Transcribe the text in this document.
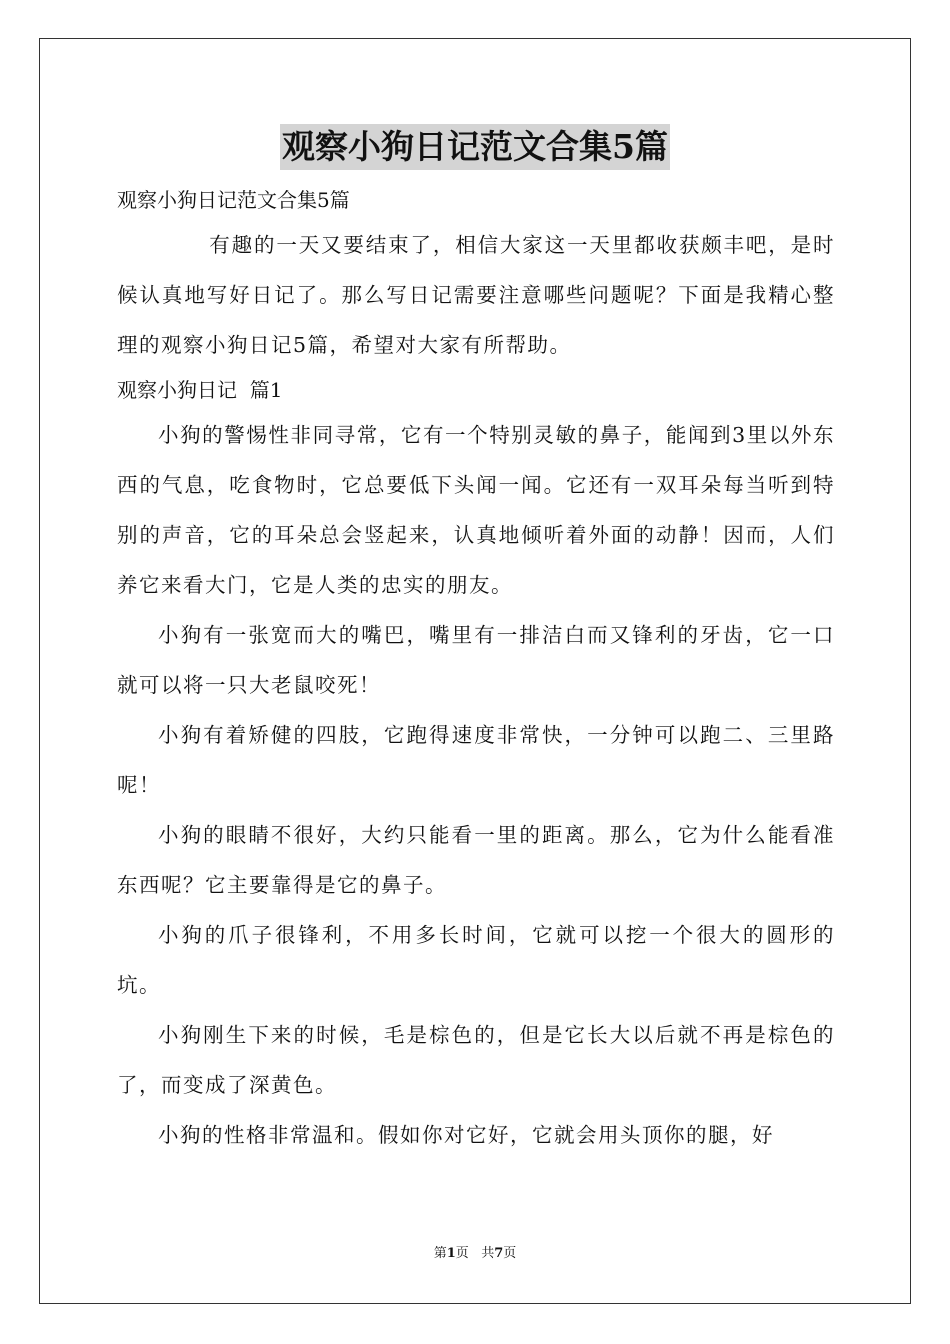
观察小狗日记范文合集5篇

观察小狗日记范文合集5篇

有趣的一天又要结束了，相信大家这一天里都收获颇丰吧，是时候认真地写好日记了。那么写日记需要注意哪些问题呢？下面是我精心整理的观察小狗日记5篇，希望对大家有所帮助。

观察小狗日记  篇1

小狗的警惕性非同寻常，它有一个特别灵敏的鼻子，能闻到3里以外东西的气息，吃食物时，它总要低下头闻一闻。它还有一双耳朵每当听到特别的声音，它的耳朵总会竖起来，认真地倾听着外面的动静！因而，人们养它来看大门，它是人类的忠实的朋友。

小狗有一张宽而大的嘴巴，嘴里有一排洁白而又锋利的牙齿，它一口就可以将一只大老鼠咬死！

小狗有着矫健的四肢，它跑得速度非常快，一分钟可以跑二、三里路呢！

小狗的眼睛不很好，大约只能看一里的距离。那么，它为什么能看准东西呢？它主要靠得是它的鼻子。

小狗的爪子很锋利，不用多长时间，它就可以挖一个很大的圆形的坑。

小狗刚生下来的时候，毛是棕色的，但是它长大以后就不再是棕色的了，而变成了深黄色。

小狗的性格非常温和。假如你对它好，它就会用头顶你的腿，好

第1页 共7页
